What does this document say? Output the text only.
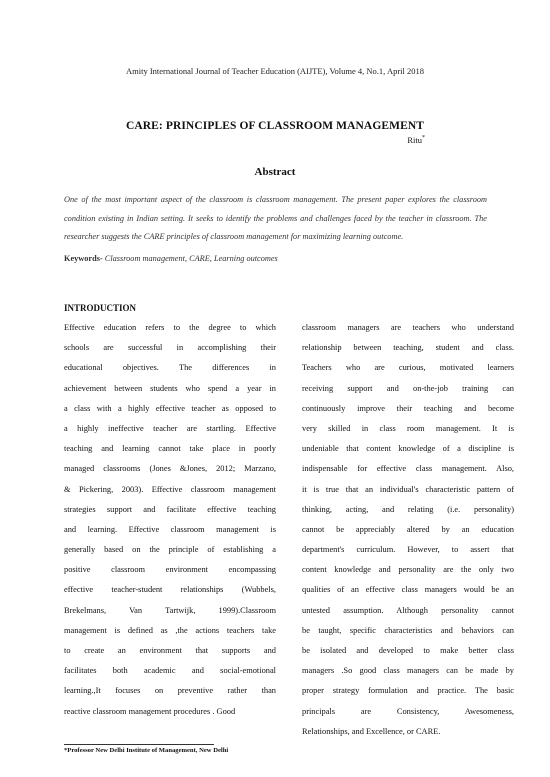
Amity International Journal of Teacher Education (AIJTE), Volume 4, No.1, April 2018
CARE: PRINCIPLES OF CLASSROOM MANAGEMENT
Ritu*
Abstract
One of the most important aspect of the classroom is classroom management. The present paper explores the classroom condition existing in Indian setting. It seeks to identify the problems and challenges faced by the teacher in classroom. The researcher suggests the CARE principles of classroom management for maximizing learning outcome.
Keywords- Classroom management, CARE, Learning outcomes
INTRODUCTION
Effective education refers to the degree to which
schools are successful in accomplishing their
educational objectives. The differences in
achievement between students who spend a year in
a class with a highly effective teacher as opposed to
a highly ineffective teacher are startling. Effective
teaching and learning cannot take place in poorly
managed classrooms (Jones &Jones, 2012; Marzano,
& Pickering, 2003). Effective classroom management
strategies support and facilitate effective teaching
and learning. Effective classroom management is
generally based on the principle of establishing a
positive classroom environment encompassing
effective teacher-student relationships (Wubbels,
Brekelmans, Van Tartwijk, 1999).Classroom
management is defined as ,the actions teachers take
to create an environment that supports and
facilitates both academic and social-emotional
learning.,It focuses on preventive rather than
reactive classroom management procedures . Good
classroom managers are teachers who understand
relationship between teaching, student and class.
Teachers who are curious, motivated learners
receiving support and on-the-job training can
continuously improve their teaching and become
very skilled in class room management. It is
undeniable that content knowledge of a discipline is
indispensable for effective class management. Also,
it is true that an individual's characteristic pattern of
thinking, acting, and relating (i.e. personality)
cannot be appreciably altered by an education
department's curriculum. However, to assert that
content knowledge and personality are the only two
qualities of an effective class managers would be an
untested assumption. Although personality cannot
be taught, specific characteristics and behaviors can
be isolated and developed to make better class
managers .So good class managers can be made by
proper strategy formulation and practice. The basic
principals are Consistency, Awesomeness,
Relationships, and Excellence, or CARE.
*Professor New Delhi Institute of Management, New Delhi
